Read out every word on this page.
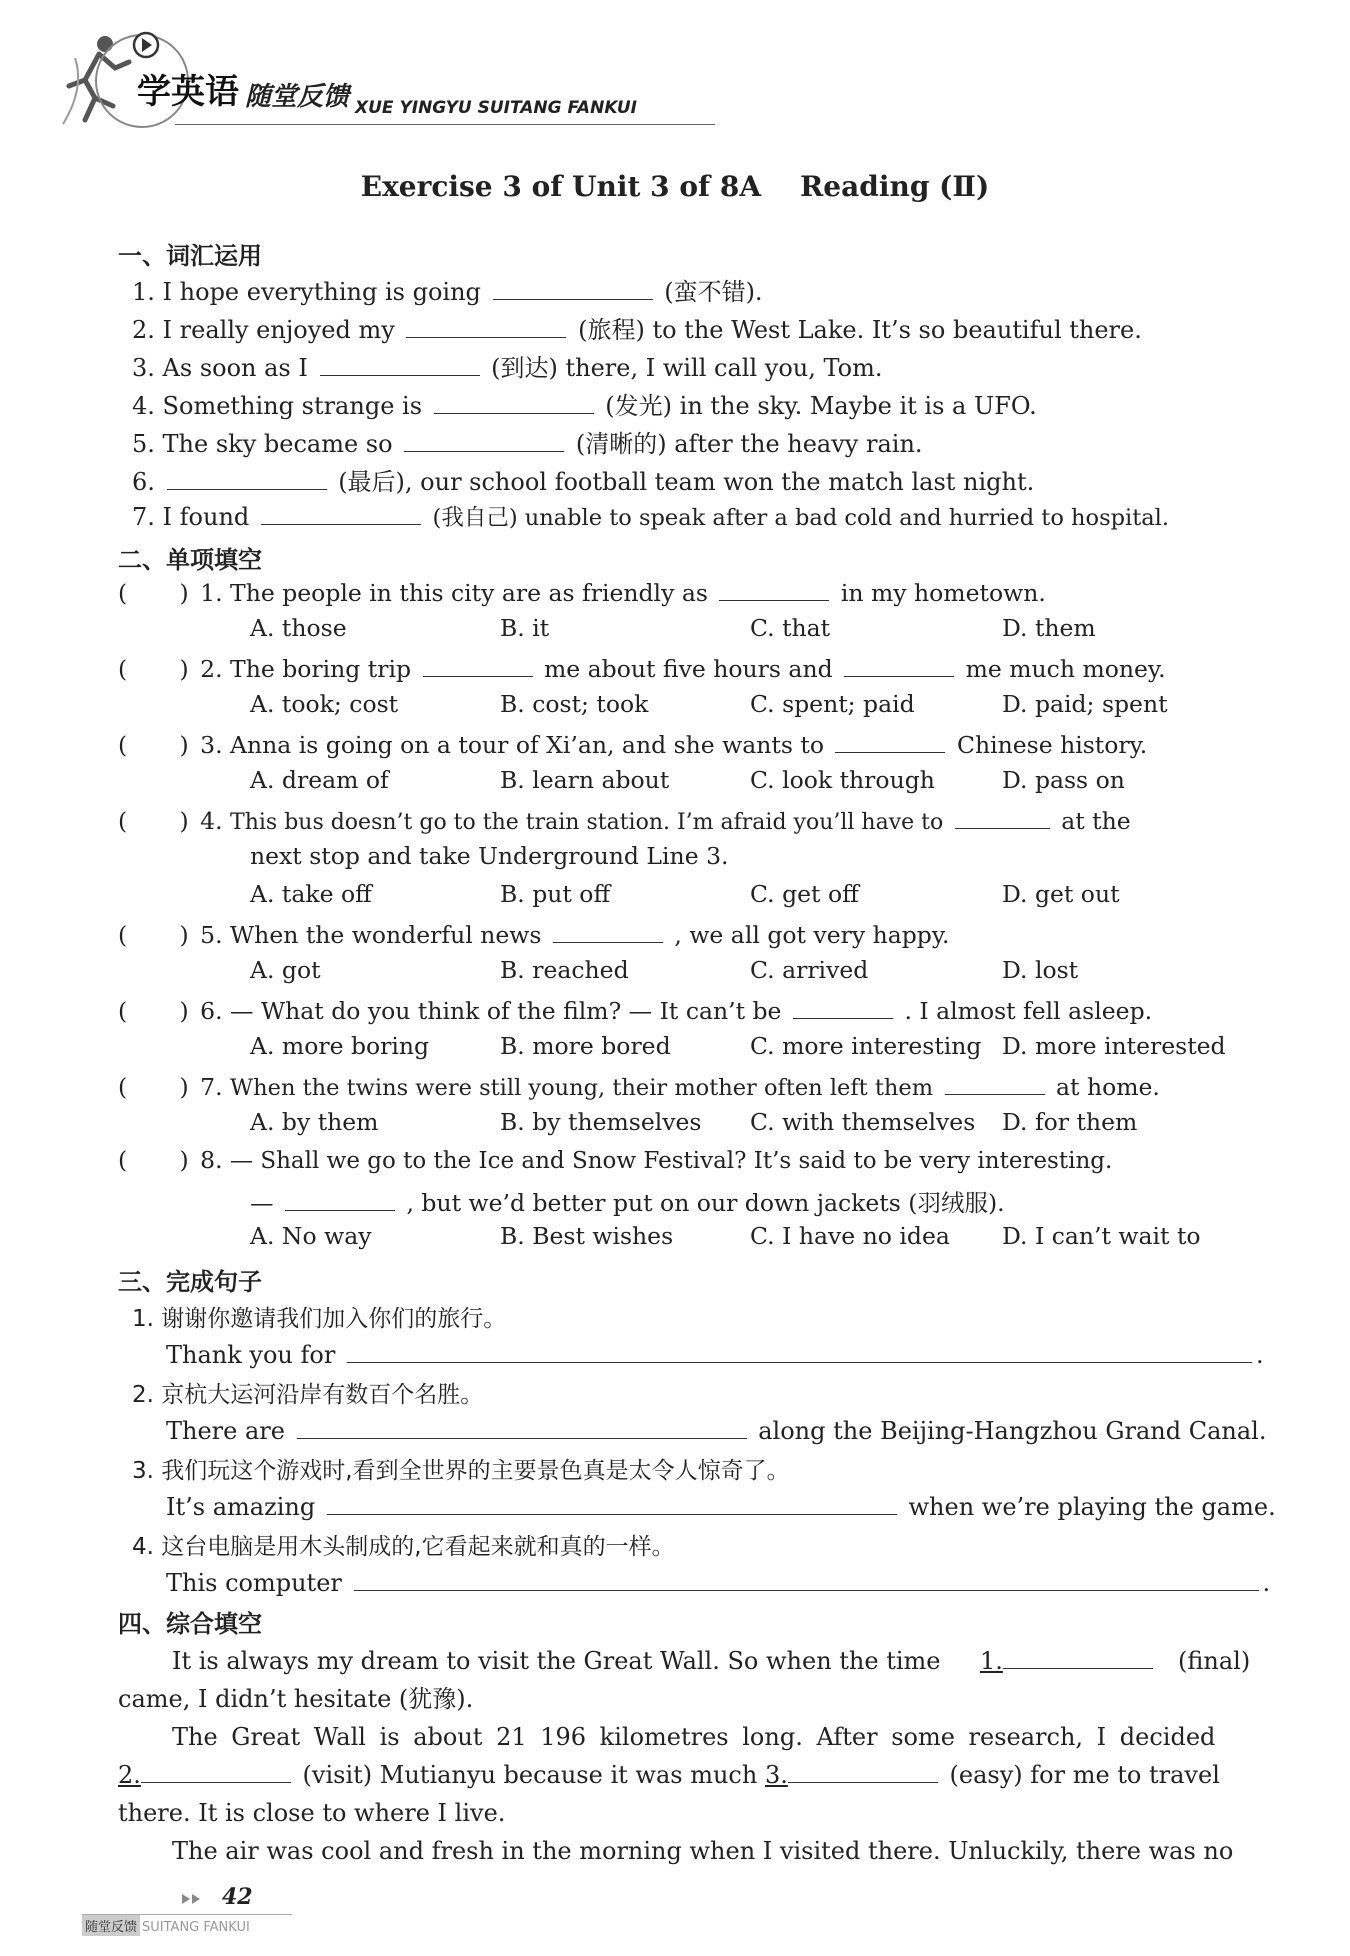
学英语 随堂反馈 XUE YINGYU SUITANG FANKUI
Exercise 3 of Unit 3 of 8A    Reading (Ⅱ)
一、词汇运用
1. I hope everything is going	(蛮不错).
2. I really enjoyed my	(旅程) to the West Lake. It’s so beautiful there.
3. As soon as I	(到达) there, I will call you, Tom.
4. Something strange is	(发光) in the sky. Maybe it is a UFO.
5. The sky became so	(清晰的) after the heavy rain.
6.	(最后), our school football team won the match last night.
7. I found	(我自己) unable to speak after a bad cold and hurried to hospital.
二、单项填空
(       ) 1. The people in this city are as friendly as	in my hometown.
A. those	B. it	C. that	D. them
(       ) 2. The boring trip	me about five hours and	me much money.
A. took; cost	B. cost; took	C. spent; paid	D. paid; spent
(       ) 3. Anna is going on a tour of Xi’an, and she wants to	Chinese history.
A. dream of	B. learn about	C. look through	D. pass on
(       ) 4. This bus doesn’t go to the train station. I’m afraid you’ll have to	at the
next stop and take Underground Line 3.
A. take off	B. put off	C. get off	D. get out
(       ) 5. When the wonderful news	, we all got very happy.
A. got	B. reached	C. arrived	D. lost
(       ) 6. — What do you think of the film? — It can’t be	. I almost fell asleep.
A. more boring	B. more bored	C. more interesting D. more interested
(       ) 7. When the twins were still young, their mother often left them	at home.
A. by them	B. by themselves C. with themselves D. for them
(       ) 8. — Shall we go to the Ice and Snow Festival? It’s said to be very interesting.
—	, but we’d better put on our down jackets (羽绒服).
A. No way	B. Best wishes	C. I have no idea D. I can’t wait to
三、完成句子
1. 谢谢你邀请我们加入你们的旅行。
Thank you for	.
2. 京杭大运河沿岸有数百个名胜。
There are	along the Beijing-Hangzhou Grand Canal.
3. 我们玩这个游戏时,看到全世界的主要景色真是太令人惊奇了。
It’s amazing	when we’re playing the game.
4. 这台电脑是用木头制成的,它看起来就和真的一样。
This computer	.
四、综合填空
It is always my dream to visit the Great Wall. So when the time 1.	(final)
came, I didn’t hesitate (犹豫).
The Great Wall is about 21 196 kilometres long. After some research, I decided
2.	(visit) Mutianyu because it was much 3.	(easy) for me to travel
there. It is close to where I live.
The air was cool and fresh in the morning when I visited there. Unluckily, there was no
42
随堂反馈 SUITANG FANKUI
